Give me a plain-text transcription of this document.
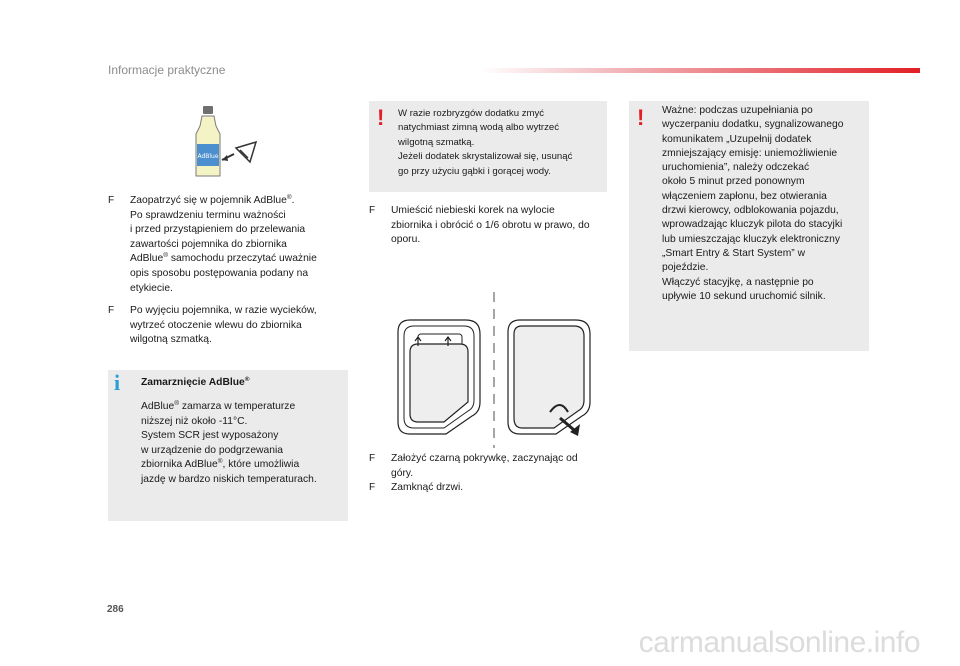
Informacje praktyczne
AdBlue
F Zaopatrzyć się w pojemnik AdBlue®.
Po sprawdzeniu terminu ważności
i przed przystąpieniem do przelewania
zawartości pojemnika do zbiornika
AdBlue® samochodu przeczytać uważnie
opis sposobu postępowania podany na
etykiecie.
F Po wyjęciu pojemnika, w razie wycieków,
wytrzeć otoczenie wlewu do zbiornika
wilgotną szmatką.
i Zamarznięcie AdBlue®
AdBlue® zamarza w temperaturze
niższej niż około -11°C.
System SCR jest wyposażony
w urządzenie do podgrzewania
zbiornika AdBlue®, które umożliwia
jazdę w bardzo niskich temperaturach.
! W razie rozbryzgów dodatku zmyć
natychmiast zimną wodą albo wytrzeć
wilgotną szmatką.
Jeżeli dodatek skrystalizował się, usunąć
go przy użyciu gąbki i gorącej wody.
F Umieścić niebieski korek na wylocie
zbiornika i obrócić o 1/6 obrotu w prawo, do
oporu.
F Założyć czarną pokrywkę, zaczynając od
góry.
F Zamknąć drzwi.
! Ważne: podczas uzupełniania po
wyczerpaniu dodatku, sygnalizowanego
komunikatem „Uzupełnij dodatek
zmniejszający emisję: uniemożliwienie
uruchomienia”, należy odczekać
około 5 minut przed ponownym
włączeniem zapłonu, bez otwierania
drzwi kierowcy, odblokowania pojazdu,
wprowadzając kluczyk pilota do stacyjki
lub umieszczając kluczyk elektroniczny
„Smart Entry & Start System” w
pojeździe.
Włączyć stacyjkę, a następnie po
upływie 10 sekund uruchomić silnik.
286
carmanualsonline.info
